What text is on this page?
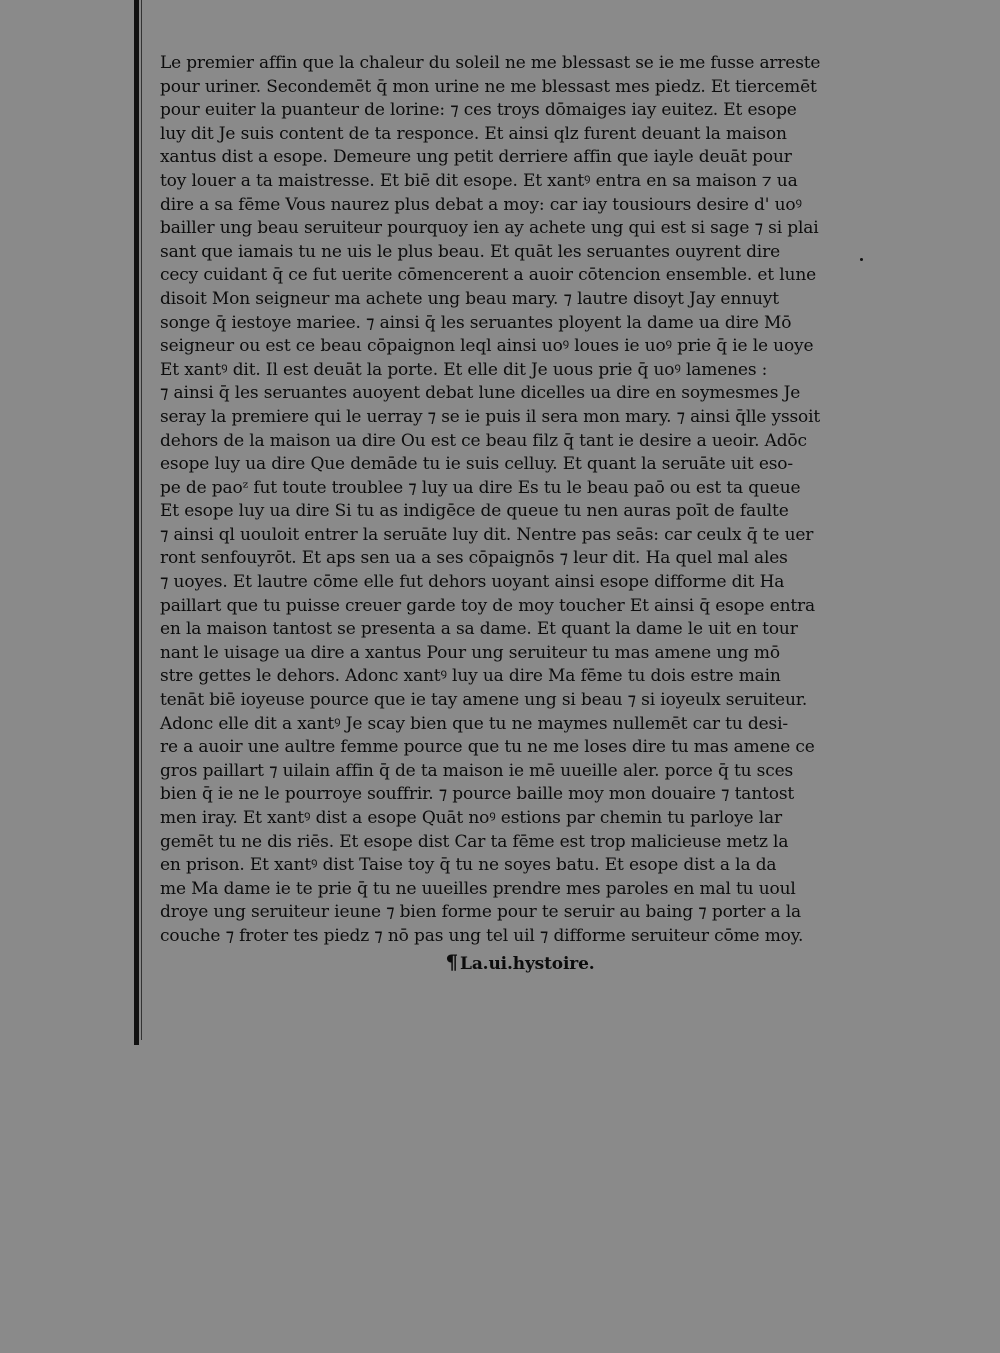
Le premier affin que la chaleur du soleil ne me blessast se ie me fusse arreste
pour uriner. Secondemēt q̄ mon urine ne me blessast mes piedz. Et tiercemēt
pour euiter la puanteur de lorine: ⁊ ces troys dōmaiges iay euitez. Et esope
luy dit Je suis content de ta responce. Et ainsi qlz furent deuant la maison
xantus dist a esope. Demeure ung petit derriere affin que iayle deuāt pour
toy louer a ta maistresse. Et biē dit esope. Et xantꝰ entra en sa maison ⁊ ua
dire a sa fēme Vous naurez plus debat a moy: car iay tousiours desire d' uoꝰ
bailler ung beau seruiteur pourquoy ien ay achete ung qui est si sage ⁊ si plai
sant que iamais tu ne uis le plus beau. Et quāt les seruantes ouyrent dire
cecy cuidant q̄ ce fut uerite cōmencerent a auoir cōtencion ensemble. et lune
disoit Mon seigneur ma achete ung beau mary. ⁊ lautre disoyt Jay ennuyt
songe q̄ iestoye mariee. ⁊ ainsi q̄ les seruantes ployent la dame ua dire Mō
seigneur ou est ce beau cōpaignon leql ainsi uoꝰ loues ie uoꝰ prie q̄ ie le uoye
Et xantꝰ dit. Il est deuāt la porte. Et elle dit Je uous prie q̄ uoꝰ lamenes :
⁊ ainsi q̄ les seruantes auoyent debat lune dicelles ua dire en soymesmes Je
seray la premiere qui le uerray ⁊ se ie puis il sera mon mary. ⁊ ainsi q̄lle yssoit
dehors de la maison ua dire Ou est ce beau filz q̄ tant ie desire a ueoir. Adōc
esope luy ua dire Que demāde tu ie suis celluy. Et quant la seruāte uit eso-
pe de paoᶻ fut toute troublee ⁊ luy ua dire Es tu le beau paō ou est ta queue
Et esope luy ua dire Si tu as indigēce de queue tu nen auras poīt de faulte
⁊ ainsi ql uouloit entrer la seruāte luy dit. Nentre pas seās: car ceulx q̄ te uer
ront senfouyrōt. Et aps sen ua a ses cōpaignōs ⁊ leur dit. Ha quel mal ales
⁊ uoyes. Et lautre cōme elle fut dehors uoyant ainsi esope difforme dit Ha
paillart que tu puisse creuer garde toy de moy toucher Et ainsi q̄ esope entra
en la maison tantost se presenta a sa dame. Et quant la dame le uit en tour
nant le uisage ua dire a xantus Pour ung seruiteur tu mas amene ung mō
stre gettes le dehors. Adonc xantꝰ luy ua dire Ma fēme tu dois estre main
tenāt biē ioyeuse pource que ie tay amene ung si beau ⁊ si ioyeulx seruiteur.
Adonc elle dit a xantꝰ Je scay bien que tu ne maymes nullemēt car tu desi-
re a auoir une aultre femme pource que tu ne me loses dire tu mas amene ce
gros paillart ⁊ uilain affin q̄ de ta maison ie mē uueille aler. porce q̄ tu sces
bien q̄ ie ne le pourroye souffrir. ⁊ pource baille moy mon douaire ⁊ tantost
men iray. Et xantꝰ dist a esope Quāt noꝰ estions par chemin tu parloye lar
gemēt tu ne dis riēs. Et esope dist Car ta fēme est trop malicieuse metz la
en prison. Et xantꝰ dist Taise toy q̄ tu ne soyes batu. Et esope dist a la da
me Ma dame ie te prie q̄ tu ne uueilles prendre mes paroles en mal tu uoul
droye ung seruiteur ieune ⁊ bien forme pour te seruir au baing ⁊ porter a la
couche ⁊ froter tes piedz ⁊ nō pas ung tel uil ⁊ difforme seruiteur cōme moy.
¶ La.ui.hystoire.
